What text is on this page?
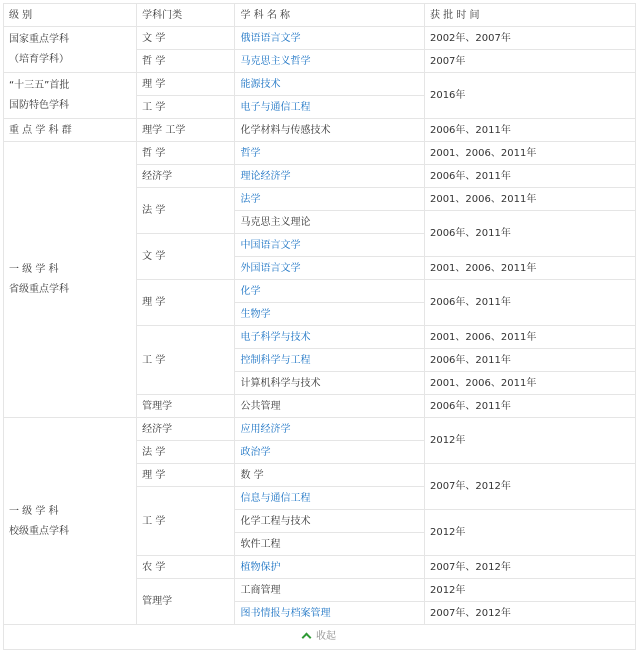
级 别	学科门类	学 科 名 称	获 批 时 间

国家重点学科
（培育学科）	文 学	俄语语言文学	2002年、2007年
	哲 学	马克思主义哲学	2007年

“十三五”首批
国防特色学科	理 学	能源技术	2016年
	工 学	电子与通信工程	
重 点 学 科 群	理学 工学	化学材料与传感技术	2006年、2011年

一 级 学 科
省级重点学科	哲 学	哲学	2001、2006、2011年
	经济学	理论经济学	2006年、2011年
	法 学	法学	2001、2006、2011年
		马克思主义理论	2006年、2011年
	文 学	中国语言文学	
		外国语言文学	2001、2006、2011年
	理 学	化学	2006年、2011年
		生物学	
	工 学	电子科学与技术	2001、2006、2011年
		控制科学与工程	2006年、2011年
		计算机科学与技术	2001、2006、2011年
	管理学	公共管理	2006年、2011年

一 级 学 科
校级重点学科	经济学	应用经济学	2012年
	法 学	政治学	
	理 学	数 学	2007年、2012年
	工 学	信息与通信工程	
		化学工程与技术	2012年
		软件工程	
	农 学	植物保护	2007年、2012年
	管理学	工商管理	2012年
		图书情报与档案管理	2007年、2012年
收起
